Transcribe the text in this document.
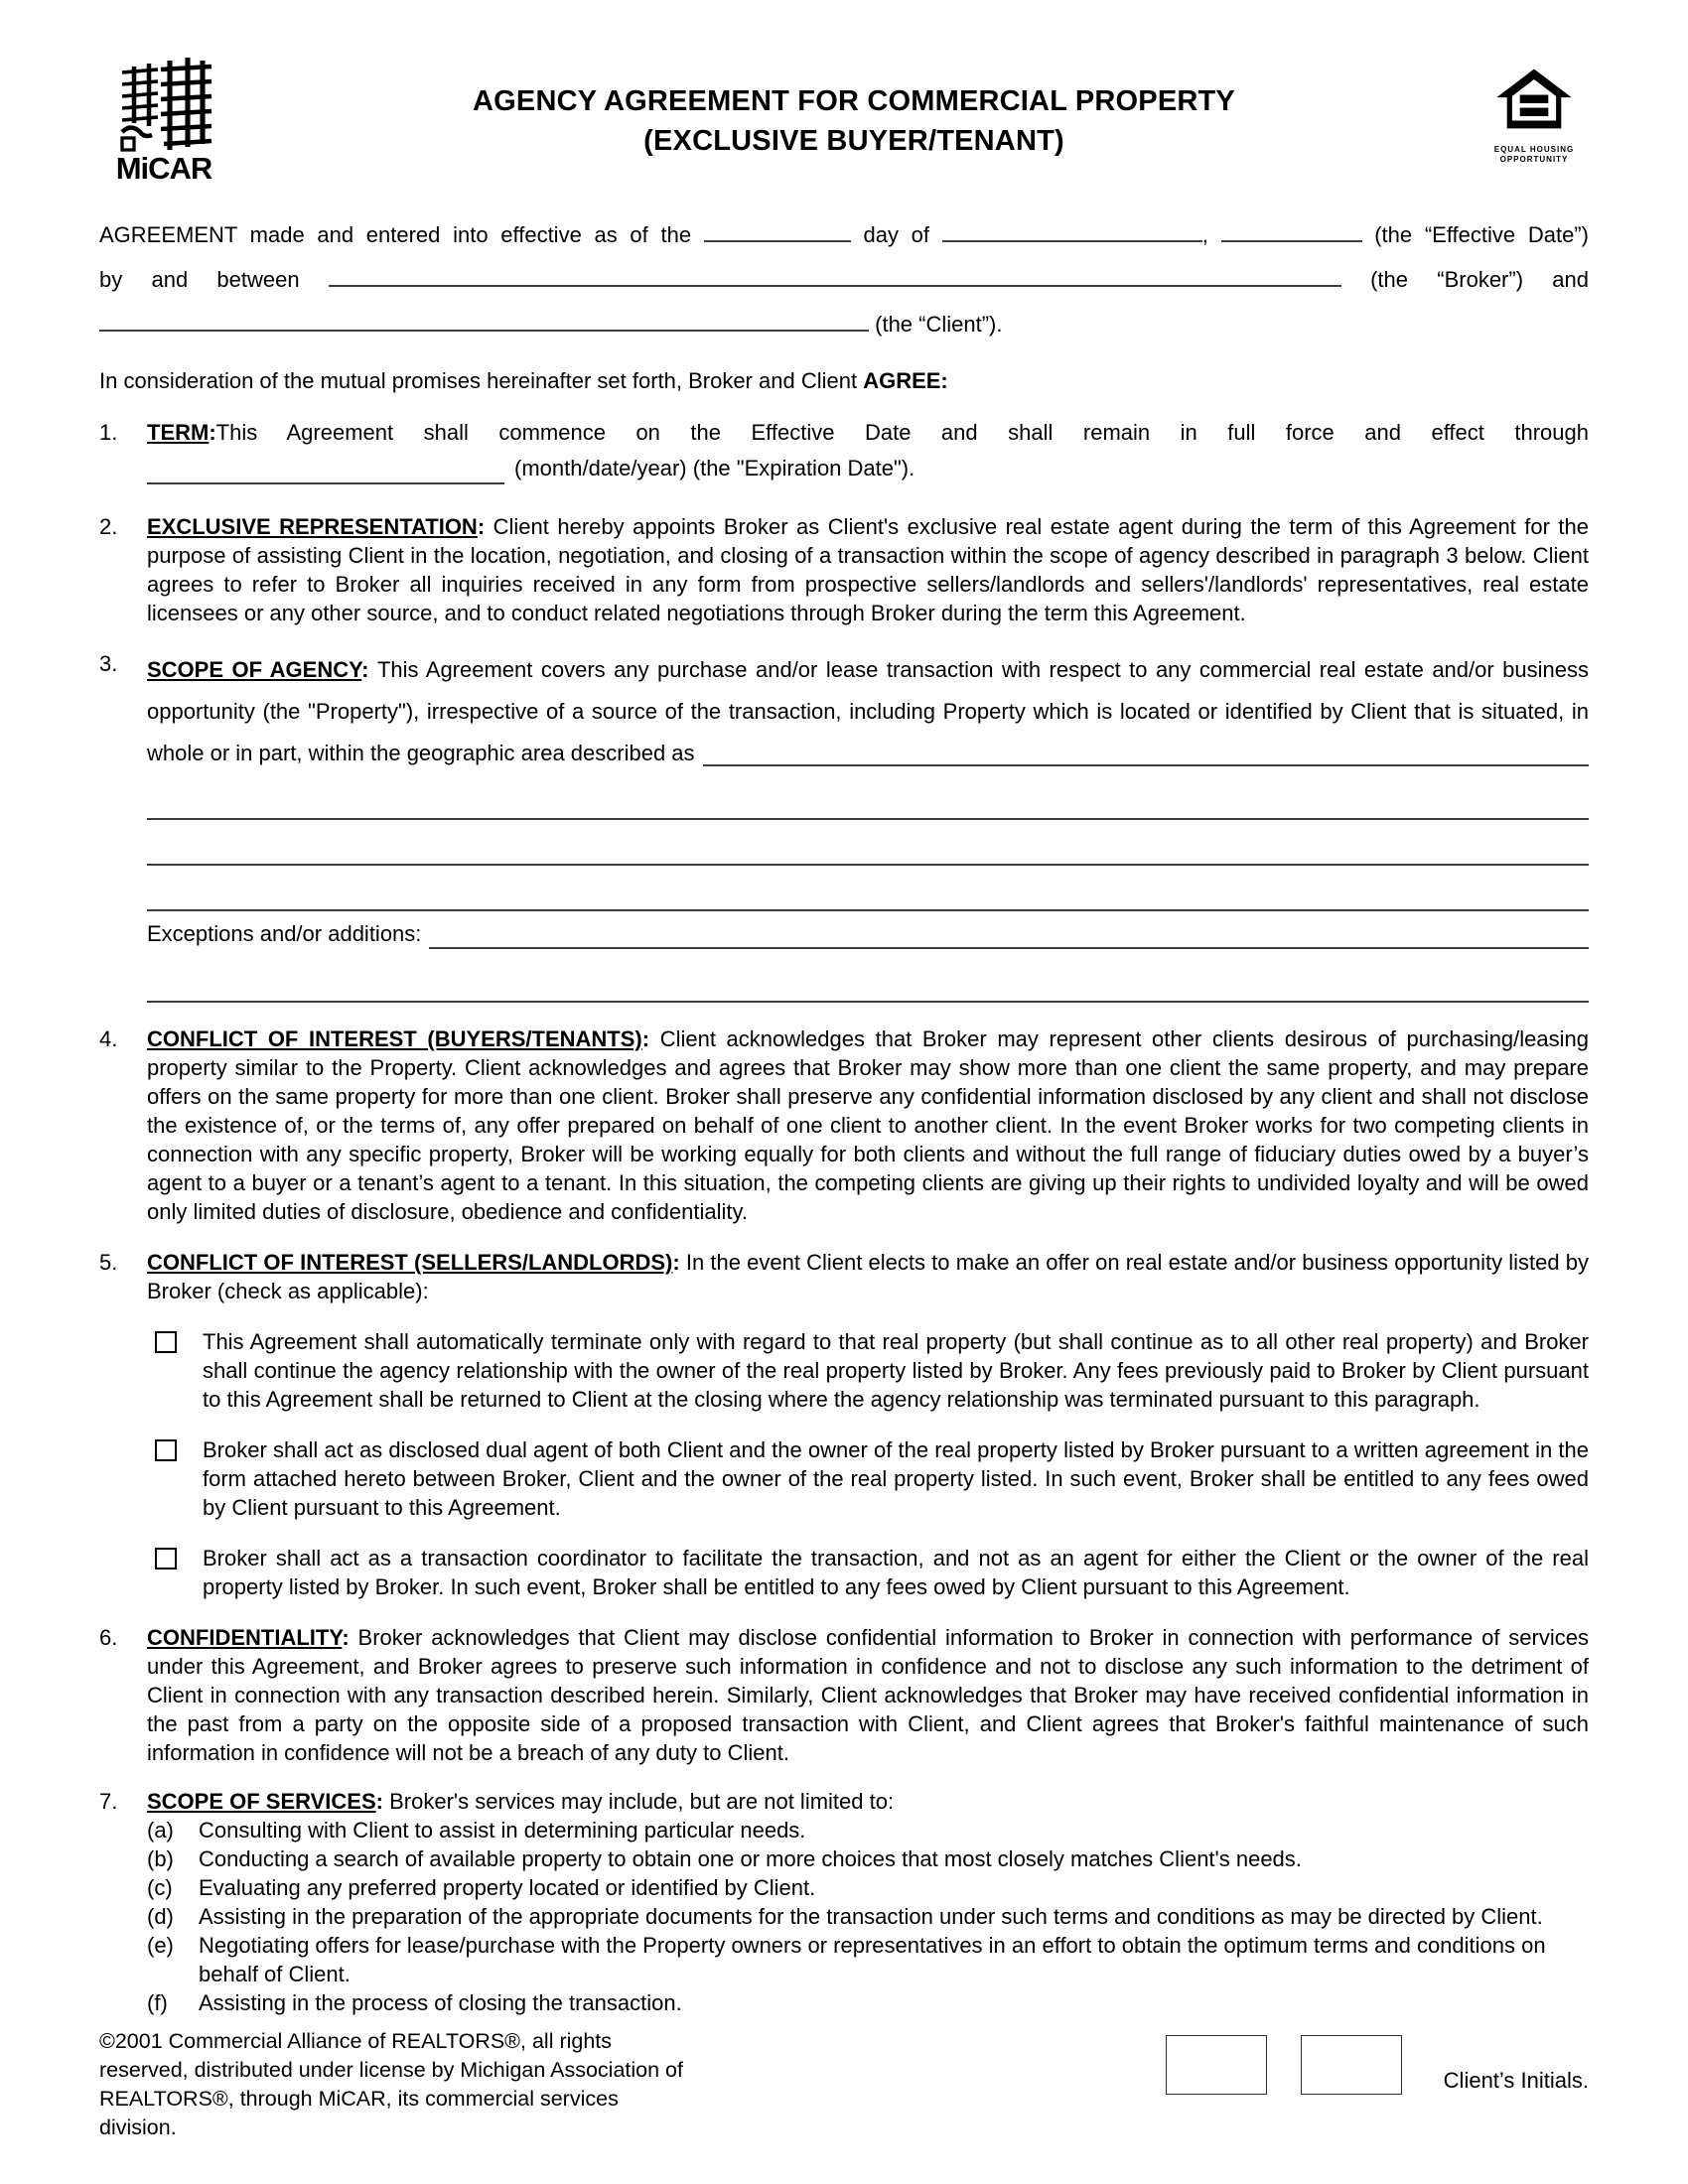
MiCAR
AGENCY AGREEMENT FOR COMMERCIAL PROPERTY
(EXCLUSIVE BUYER/TENANT)	EQUAL HOUSING
OPPORTUNITY
AGREEMENT made and entered into effective as of the	day of	,	(the “Effective Date”)
by and between	(the “Broker”) and
(the “Client”).
In consideration of the mutual promises hereinafter set forth, Broker and Client AGREE:
1.	TERM:This Agreement shall commence on the Effective Date and shall remain in full force and effect through
(month/date/year) (the "Expiration Date").
2.	EXCLUSIVE REPRESENTATION: Client hereby appoints Broker as Client's exclusive real estate agent during the term of this Agreement for the purpose of assisting Client in the location, negotiation, and closing of a transaction within the scope of agency described in paragraph 3 below. Client agrees to refer to Broker all inquiries received in any form from prospective sellers/landlords and sellers'/landlords' representatives, real estate licensees or any other source, and to conduct related negotiations through Broker during the term this Agreement.
3.	SCOPE OF AGENCY: This Agreement covers any purchase and/or lease transaction with respect to any commercial real estate and/or business opportunity (the "Property"), irrespective of a source of the transaction, including Property which is located or identified by Client that is situated, in
whole or in part, within the geographic area described as
Exceptions and/or additions:
4.	CONFLICT OF INTEREST (BUYERS/TENANTS): Client acknowledges that Broker may represent other clients desirous of purchasing/leasing property similar to the Property. Client acknowledges and agrees that Broker may show more than one client the same property, and may prepare offers on the same property for more than one client. Broker shall preserve any confidential information disclosed by any client and shall not disclose the existence of, or the terms of, any offer prepared on behalf of one client to another client. In the event Broker works for two competing clients in connection with any specific property, Broker will be working equally for both clients and without the full range of fiduciary duties owed by a buyer’s agent to a buyer or a tenant’s agent to a tenant. In this situation, the competing clients are giving up their rights to undivided loyalty and will be owed only limited duties of disclosure, obedience and confidentiality.
5.	CONFLICT OF INTEREST (SELLERS/LANDLORDS): In the event Client elects to make an offer on real estate and/or business opportunity listed by Broker (check as applicable):
This Agreement shall automatically terminate only with regard to that real property (but shall continue as to all other real property) and Broker shall continue the agency relationship with the owner of the real property listed by Broker. Any fees previously paid to Broker by Client pursuant to this Agreement shall be returned to Client at the closing where the agency relationship was terminated pursuant to this paragraph.
Broker shall act as disclosed dual agent of both Client and the owner of the real property listed by Broker pursuant to a written agreement in the form attached hereto between Broker, Client and the owner of the real property listed. In such event, Broker shall be entitled to any fees owed by Client pursuant to this Agreement.
Broker shall act as a transaction coordinator to facilitate the transaction, and not as an agent for either the Client or the owner of the real property listed by Broker. In such event, Broker shall be entitled to any fees owed by Client pursuant to this Agreement.
6.	CONFIDENTIALITY: Broker acknowledges that Client may disclose confidential information to Broker in connection with performance of services under this Agreement, and Broker agrees to preserve such information in confidence and not to disclose any such information to the detriment of Client in connection with any transaction described herein. Similarly, Client acknowledges that Broker may have received confidential information in the past from a party on the opposite side of a proposed transaction with Client, and Client agrees that Broker's faithful maintenance of such information in confidence will not be a breach of any duty to Client.
7.	SCOPE OF SERVICES: Broker's services may include, but are not limited to:
(a)	Consulting with Client to assist in determining particular needs.
(b)	Conducting a search of available property to obtain one or more choices that most closely matches Client's needs.
(c)	Evaluating any preferred property located or identified by Client.
(d)	Assisting in the preparation of the appropriate documents for the transaction under such terms and conditions as may be directed by Client.
(e)	Negotiating offers for lease/purchase with the Property owners or representatives in an effort to obtain the optimum terms and conditions on behalf of Client.
(f)	Assisting in the process of closing the transaction.
©2001 Commercial Alliance of REALTORS®, all rights reserved, distributed under license by Michigan Association of REALTORS®, through MiCAR, its commercial services division.
Client’s Initials.
